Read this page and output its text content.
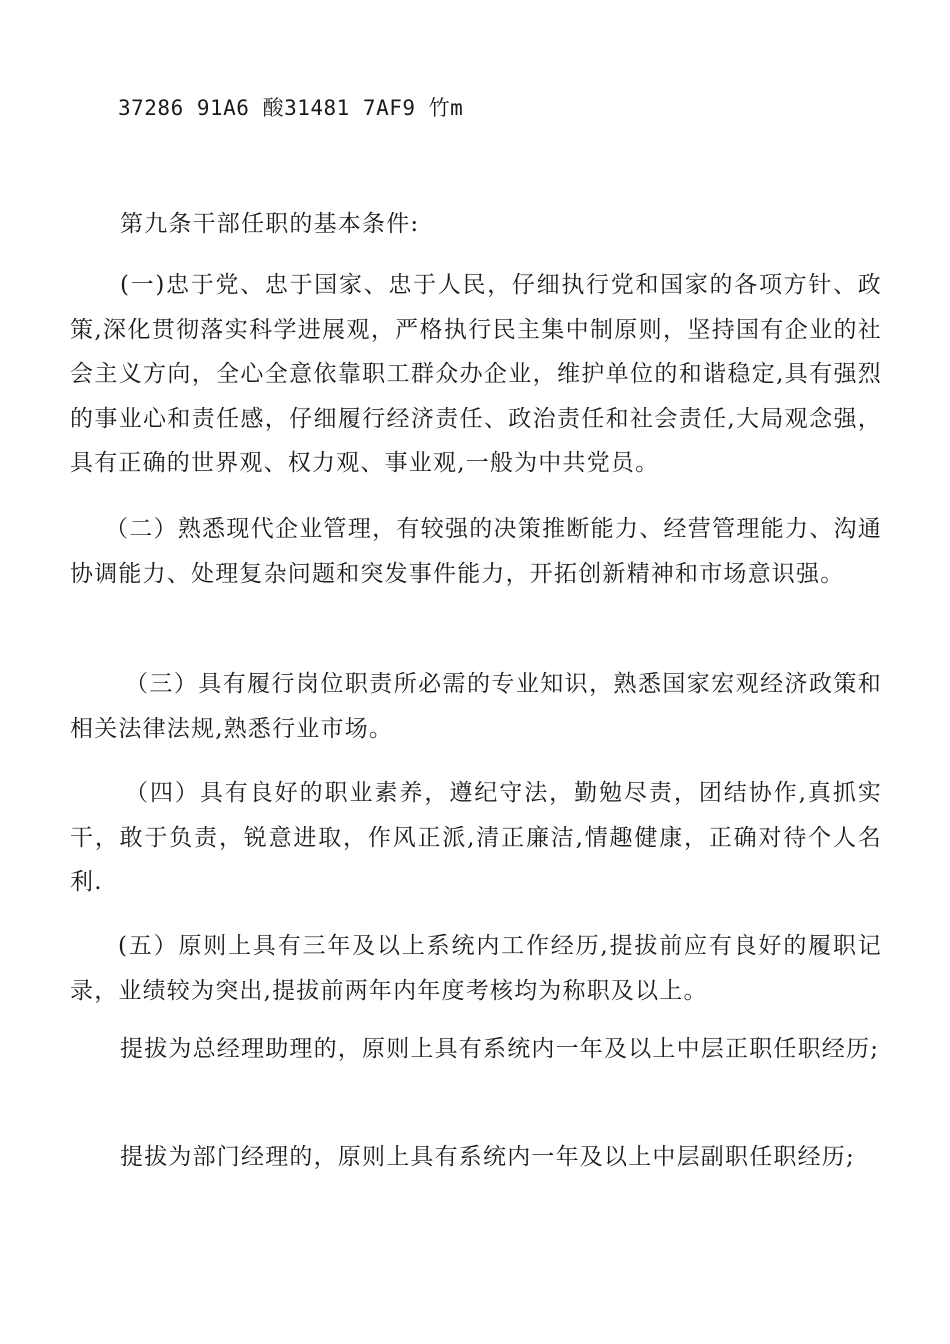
37286 91A6 酸31481 7AF9 竹m

第九条干部任职的基本条件:

(一)忠于党、忠于国家、忠于人民，仔细执行党和国家的各项方针、政策,深化贯彻落实科学进展观，严格执行民主集中制原则，坚持国有企业的社会主义方向，全心全意依靠职工群众办企业，维护单位的和谐稳定,具有强烈的事业心和责任感，仔细履行经济责任、政治责任和社会责任,大局观念强，具有正确的世界观、权力观、事业观,一般为中共党员。

（二）熟悉现代企业管理，有较强的决策推断能力、经营管理能力、沟通协调能力、处理复杂问题和突发事件能力，开拓创新精神和市场意识强。

（三）具有履行岗位职责所必需的专业知识，熟悉国家宏观经济政策和相关法律法规,熟悉行业市场。

（四）具有良好的职业素养，遵纪守法，勤勉尽责，团结协作,真抓实干，敢于负责，锐意进取，作风正派,清正廉洁,情趣健康，正确对待个人名利.

(五）原则上具有三年及以上系统内工作经历,提拔前应有良好的履职记录，业绩较为突出,提拔前两年内年度考核均为称职及以上。

提拔为总经理助理的，原则上具有系统内一年及以上中层正职任职经历;

提拔为部门经理的，原则上具有系统内一年及以上中层副职任职经历;
